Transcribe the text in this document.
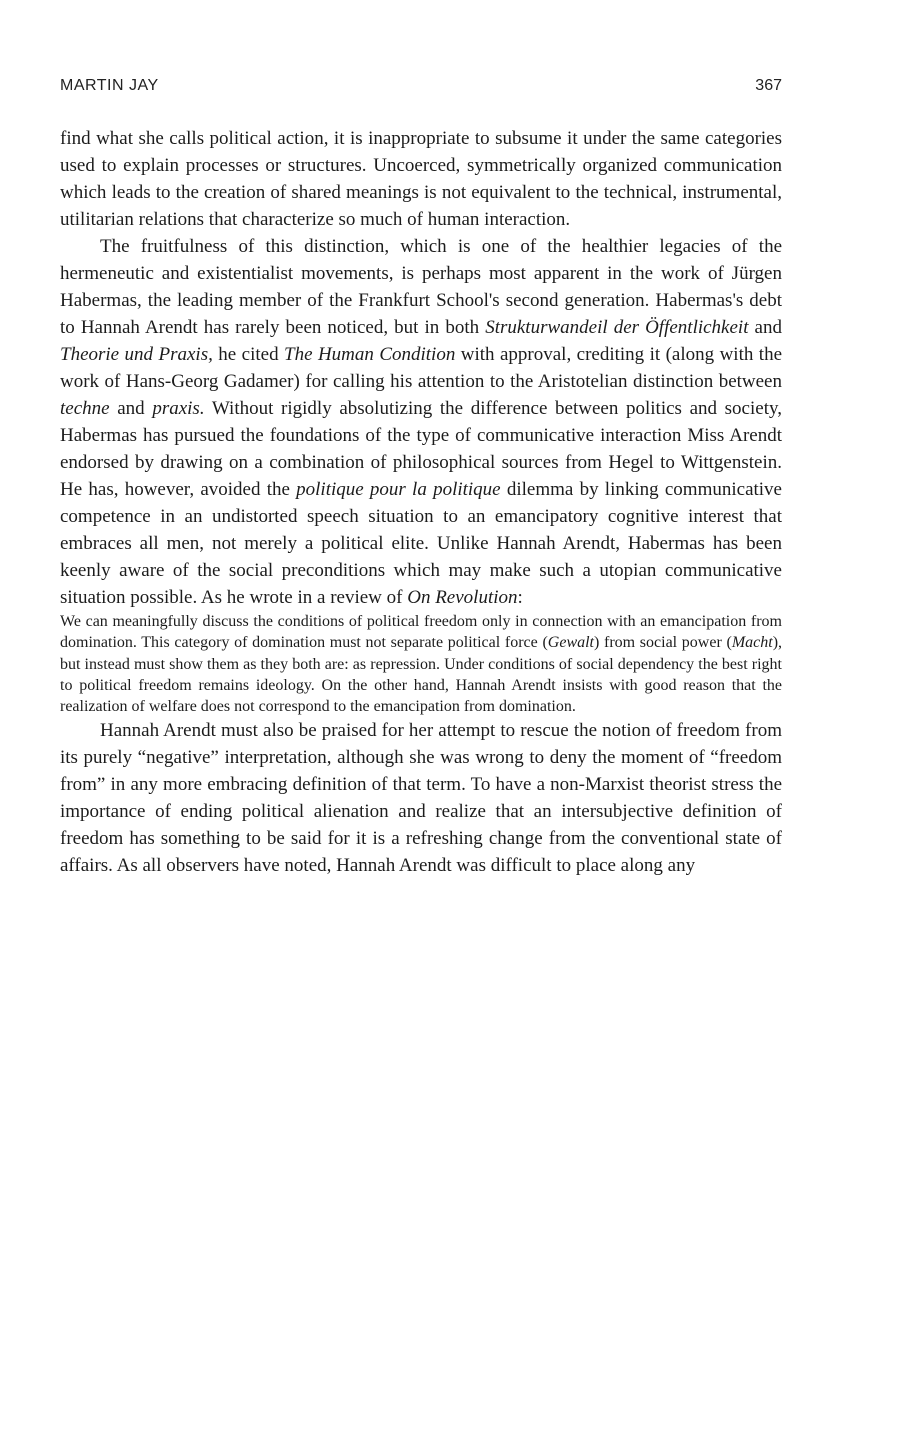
MARTIN JAY	367

find what she calls political action, it is inappropriate to subsume it under the same categories used to explain processes or structures. Uncoerced, symmetrically organized communication which leads to the creation of shared meanings is not equivalent to the technical, instrumental, utilitarian relations that characterize so much of human interaction.

The fruitfulness of this distinction, which is one of the healthier legacies of the hermeneutic and existentialist movements, is perhaps most apparent in the work of Jürgen Habermas, the leading member of the Frankfurt School's second generation. Habermas's debt to Hannah Arendt has rarely been noticed, but in both Strukturwandeil der Öffentlichkeit and Theorie und Praxis, he cited The Human Condition with approval, crediting it (along with the work of Hans-Georg Gadamer) for calling his attention to the Aristotelian distinction between techne and praxis. Without rigidly absolutizing the difference between politics and society, Habermas has pursued the foundations of the type of communicative interaction Miss Arendt endorsed by drawing on a combination of philosophical sources from Hegel to Wittgenstein. He has, however, avoided the politique pour la politique dilemma by linking communicative competence in an undistorted speech situation to an emancipatory cognitive interest that embraces all men, not merely a political elite. Unlike Hannah Arendt, Habermas has been keenly aware of the social preconditions which may make such a utopian communicative situation possible. As he wrote in a review of On Revolution:

We can meaningfully discuss the conditions of political freedom only in connection with an emancipation from domination. This category of domination must not separate political force (Gewalt) from social power (Macht), but instead must show them as they both are: as repression. Under conditions of social dependency the best right to political freedom remains ideology. On the other hand, Hannah Arendt insists with good reason that the realization of welfare does not correspond to the emancipation from domination.

Hannah Arendt must also be praised for her attempt to rescue the notion of freedom from its purely “negative” interpretation, although she was wrong to deny the moment of “freedom from” in any more embracing definition of that term. To have a non-Marxist theorist stress the importance of ending political alienation and realize that an intersubjective definition of freedom has something to be said for it is a refreshing change from the conventional state of affairs. As all observers have noted, Hannah Arendt was difficult to place along any
